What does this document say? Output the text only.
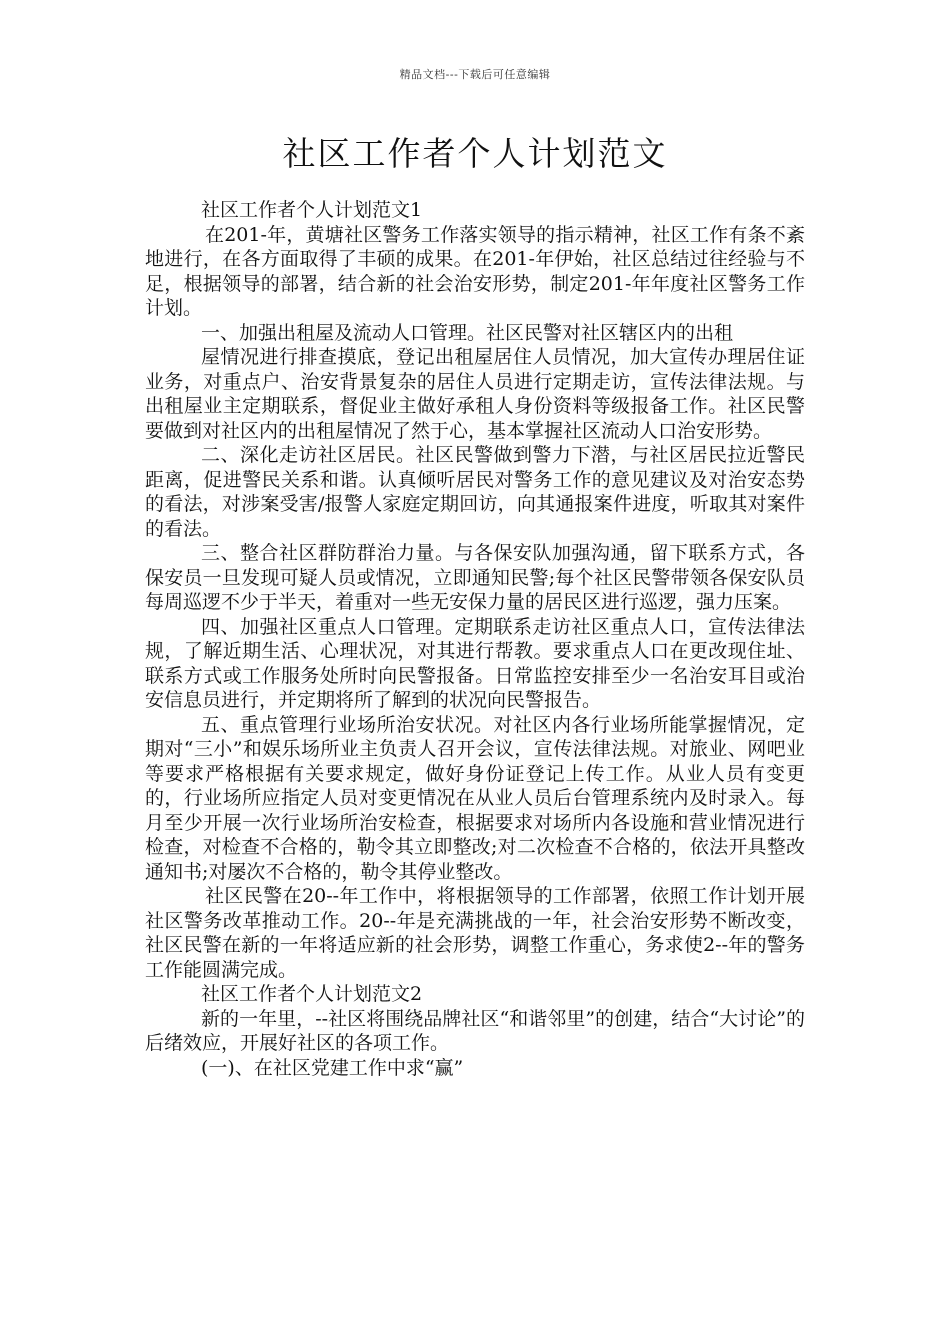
精品文档---下载后可任意编辑
社区工作者个人计划范文

社区工作者个人计划范文1

在201-年，黄塘社区警务工作落实领导的指示精神，社区工作有条不紊地进行，在各方面取得了丰硕的成果。在201-年伊始，社区总结过往经验与不足，根据领导的部署，结合新的社会治安形势，制定201-年年度社区警务工作计划。

一、加强出租屋及流动人口管理。社区民警对社区辖区内的出租

屋情况进行排查摸底，登记出租屋居住人员情况，加大宣传办理居住证业务，对重点户、治安背景复杂的居住人员进行定期走访，宣传法律法规。与出租屋业主定期联系，督促业主做好承租人身份资料等级报备工作。社区民警要做到对社区内的出租屋情况了然于心，基本掌握社区流动人口治安形势。

二、深化走访社区居民。社区民警做到警力下潜，与社区居民拉近警民距离，促进警民关系和谐。认真倾听居民对警务工作的意见建议及对治安态势的看法，对涉案受害/报警人家庭定期回访，向其通报案件进度，听取其对案件的看法。

三、整合社区群防群治力量。与各保安队加强沟通，留下联系方式，各保安员一旦发现可疑人员或情况，立即通知民警;每个社区民警带领各保安队员每周巡逻不少于半天，着重对一些无安保力量的居民区进行巡逻，强力压案。

四、加强社区重点人口管理。定期联系走访社区重点人口，宣传法律法规，了解近期生活、心理状况，对其进行帮教。要求重点人口在更改现住址、联系方式或工作服务处所时向民警报备。日常监控安排至少一名治安耳目或治安信息员进行，并定期将所了解到的状况向民警报告。

五、重点管理行业场所治安状况。对社区内各行业场所能掌握情况，定期对“三小”和娱乐场所业主负责人召开会议，宣传法律法规。对旅业、网吧业等要求严格根据有关要求规定，做好身份证登记上传工作。从业人员有变更的，行业场所应指定人员对变更情况在从业人员后台管理系统内及时录入。每月至少开展一次行业场所治安检查，根据要求对场所内各设施和营业情况进行检查，对检查不合格的，勒令其立即整改;对二次检查不合格的，依法开具整改通知书;对屡次不合格的，勒令其停业整改。

社区民警在20--年工作中，将根据领导的工作部署，依照工作计划开展社区警务改革推动工作。20--年是充满挑战的一年，社会治安形势不断改变，社区民警在新的一年将适应新的社会形势，调整工作重心，务求使2--年的警务工作能圆满完成。

社区工作者个人计划范文2

新的一年里，--社区将围绕品牌社区“和谐邻里”的创建，结合“大讨论”的后绪效应，开展好社区的各项工作。

(一)、在社区党建工作中求“赢”
